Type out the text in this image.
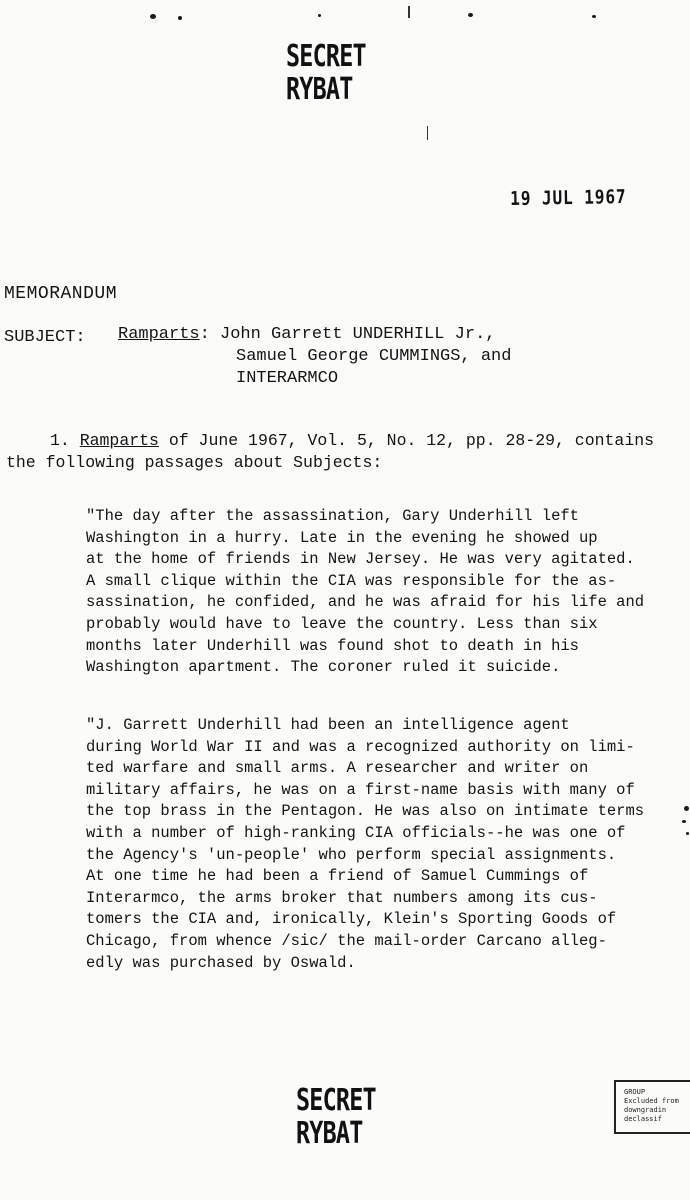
SECRET
RYBAT
19 JUL 1967
MEMORANDUM
SUBJECT: Ramparts: John Garrett UNDERHILL Jr.,
Samuel George CUMMINGS, and
INTERARMCO
1. Ramparts of June 1967, Vol. 5, No. 12, pp. 28-29, contains
the following passages about Subjects:
"The day after the assassination, Gary Underhill left
Washington in a hurry. Late in the evening he showed up
at the home of friends in New Jersey. He was very agitated.
A small clique within the CIA was responsible for the as-
sassination, he confided, and he was afraid for his life and
probably would have to leave the country. Less than six
months later Underhill was found shot to death in his
Washington apartment. The coroner ruled it suicide.
"J. Garrett Underhill had been an intelligence agent
during World War II and was a recognized authority on limi-
ted warfare and small arms. A researcher and writer on
military affairs, he was on a first-name basis with many of
the top brass in the Pentagon. He was also on intimate terms
with a number of high-ranking CIA officials--he was one of
the Agency's 'un-people' who perform special assignments.
At one time he had been a friend of Samuel Cummings of
Interarmco, the arms broker that numbers among its cus-
tomers the CIA and, ironically, Klein's Sporting Goods of
Chicago, from whence /sic/ the mail-order Carcano alleg-
edly was purchased by Oswald.
SECRET
RYBAT
GROUP
Excluded from
downgradin
declassif
